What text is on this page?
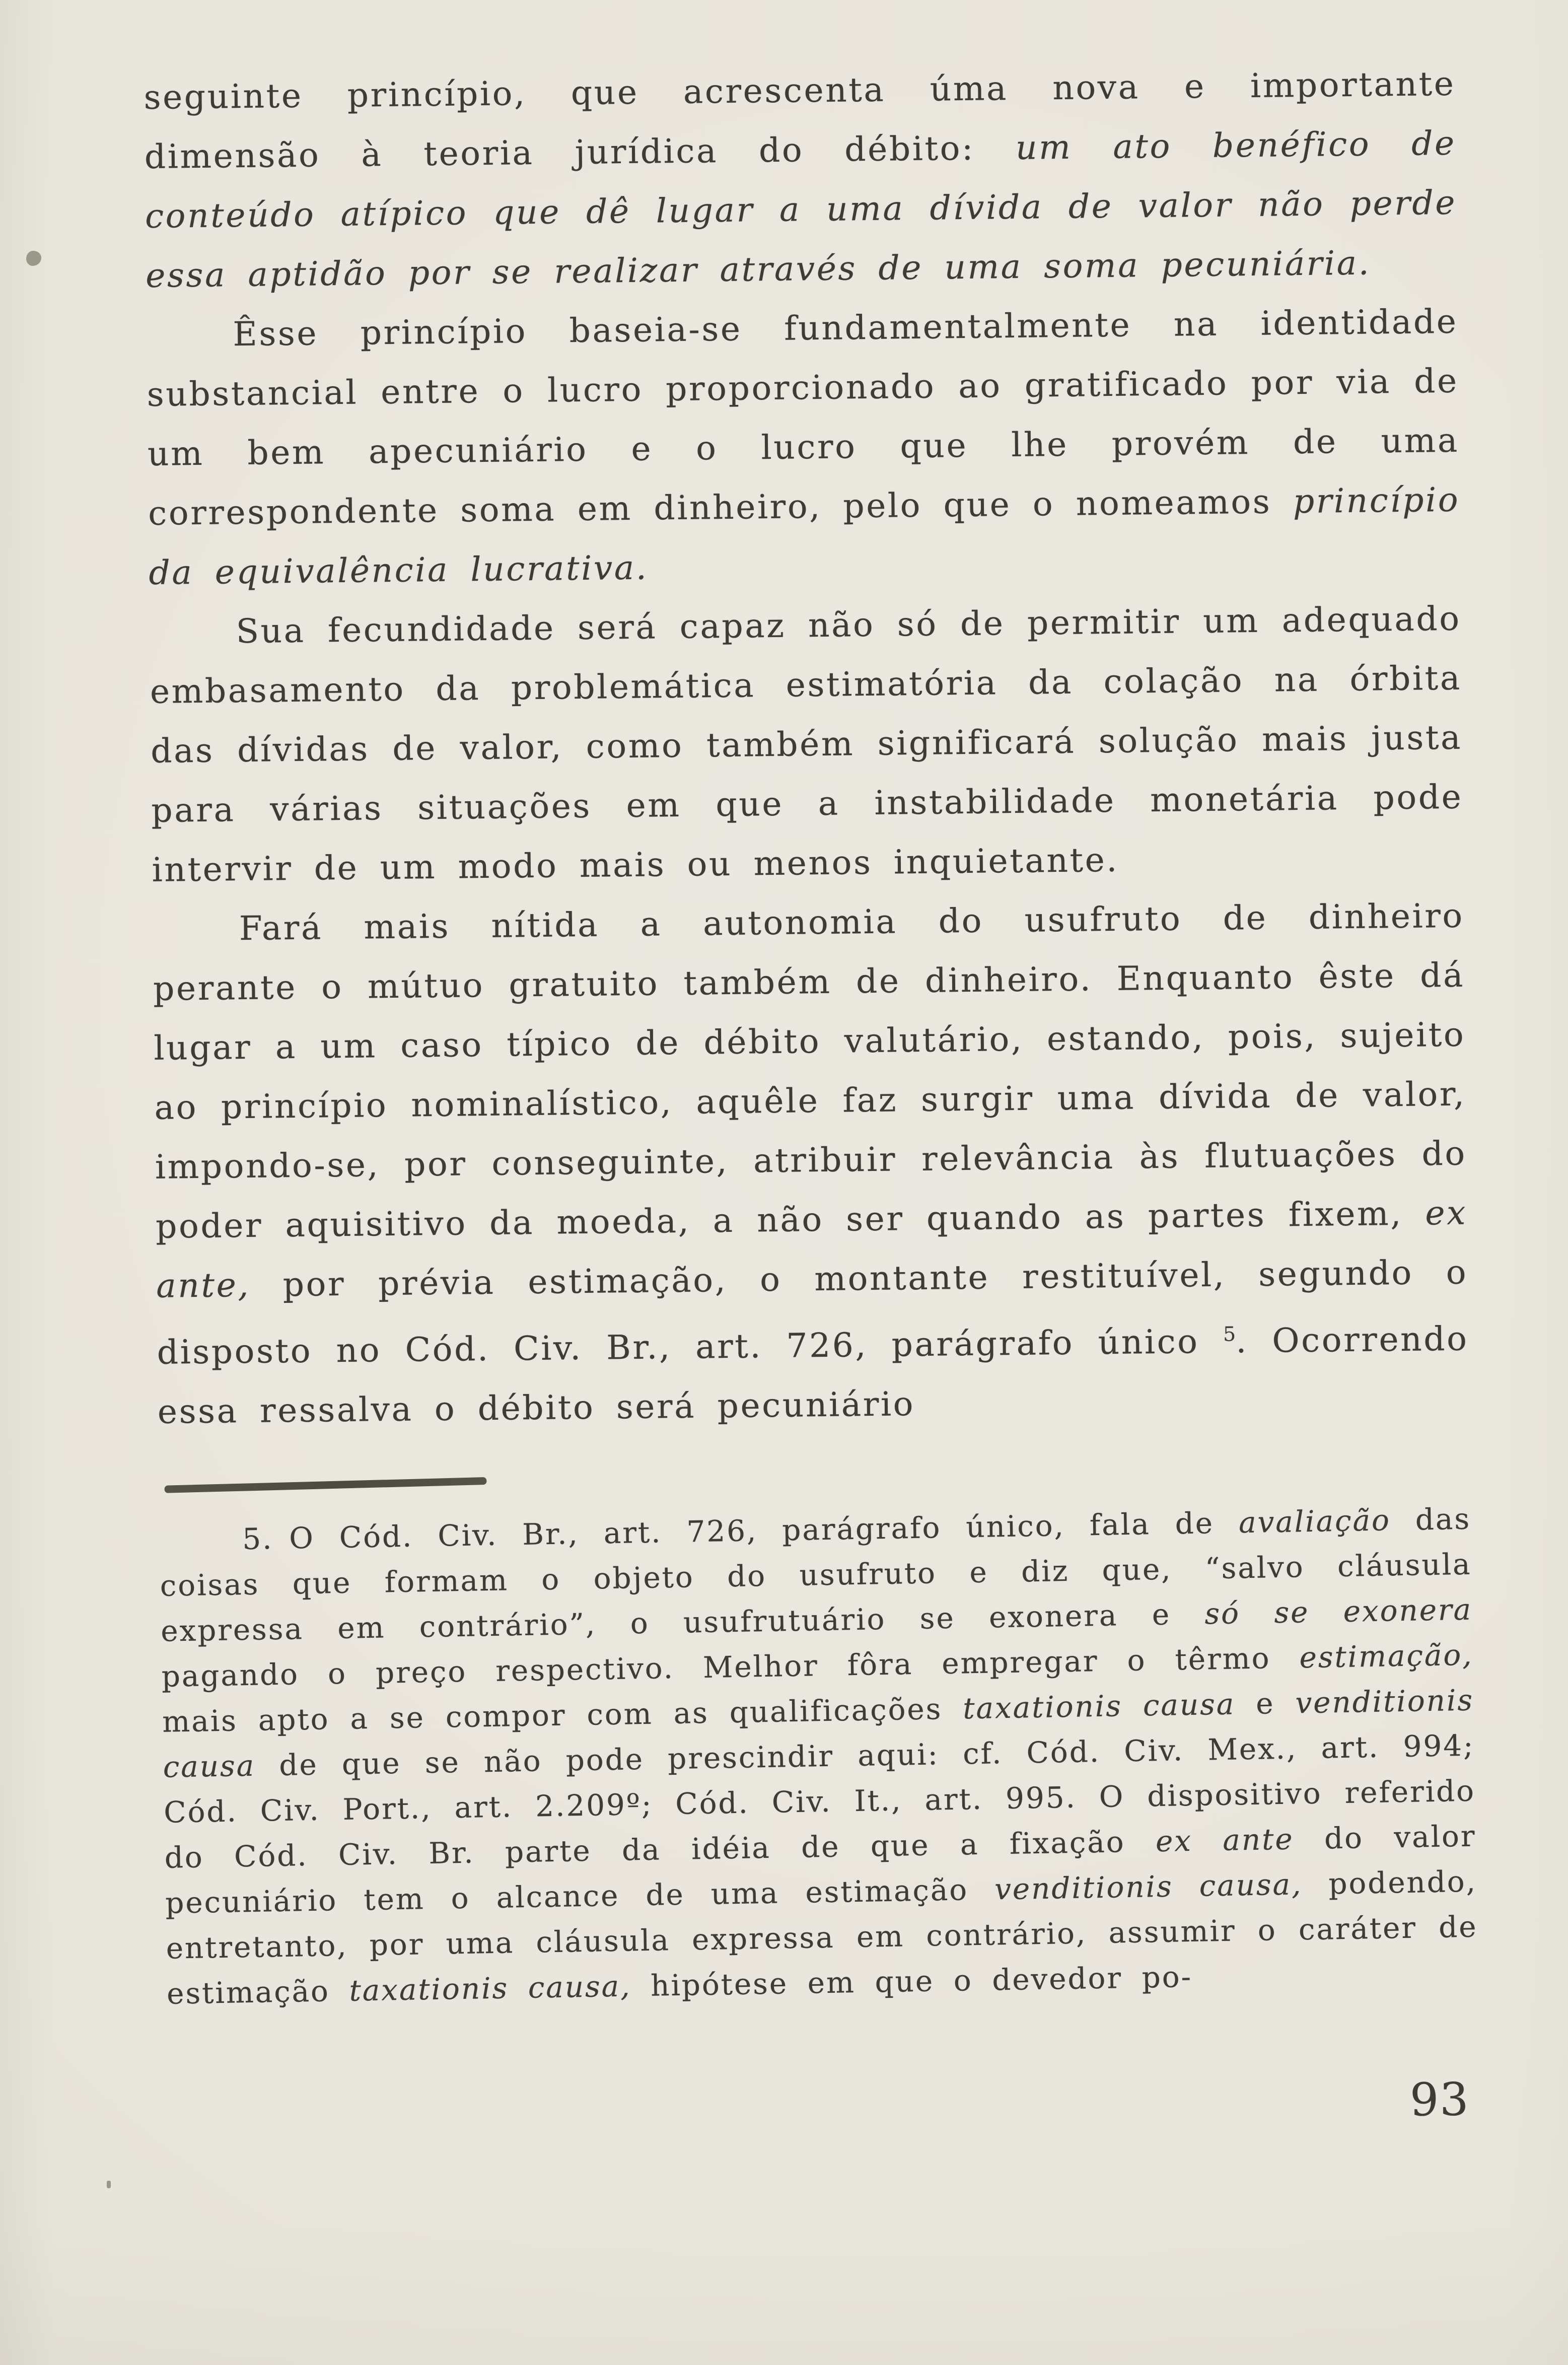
seguinte princípio, que acrescenta úma nova e importante dimensão à teoria jurídica do débito: um ato benéfico de conteúdo atípico que dê lugar a uma dívida de valor não perde essa aptidão por se realizar através de uma soma pecuniária.

Êsse princípio baseia-se fundamentalmente na identidade substancial entre o lucro proporcionado ao gratificado por via de um bem apecuniário e o lucro que lhe provém de uma correspondente soma em dinheiro, pelo que o nomeamos princípio da equivalência lucrativa.

Sua fecundidade será capaz não só de permitir um adequado embasamento da problemática estimatória da colação na órbita das dívidas de valor, como também significará solução mais justa para várias situações em que a instabilidade monetária pode intervir de um modo mais ou menos inquietante.

Fará mais nítida a autonomia do usufruto de dinheiro perante o mútuo gratuito também de dinheiro. Enquanto êste dá lugar a um caso típico de débito valutário, estando, pois, sujeito ao princípio nominalístico, aquêle faz surgir uma dívida de valor, impondo-se, por conseguinte, atribuir relevância às flutuações do poder aquisitivo da moeda, a não ser quando as partes fixem, ex ante, por prévia estimação, o montante restituível, segundo o disposto no Cód. Civ. Br., art. 726, parágrafo único $^5$. Ocorrendo essa ressalva o débito será pecuniário

5. O Cód. Civ. Br., art. 726, parágrafo único, fala de avaliação das coisas que formam o objeto do usufruto e diz que, “salvo cláusula expressa em contrário”, o usufrutuário se exonera e só se exonera pagando o preço respectivo. Melhor fôra empregar o têrmo estimação, mais apto a se compor com as qualificações taxationis causa e venditionis causa de que se não pode prescindir aqui: cf. Cód. Civ. Mex., art. 994; Cód. Civ. Port., art. 2.209º; Cód. Civ. It., art. 995. O dispositivo referido do Cód. Civ. Br. parte da idéia de que a fixação ex ante do valor pecuniário tem o alcance de uma estimação venditionis causa, podendo, entretanto, por uma cláusula expressa em contrário, assumir o caráter de estimação taxationis causa, hipótese em que o devedor po-

93
